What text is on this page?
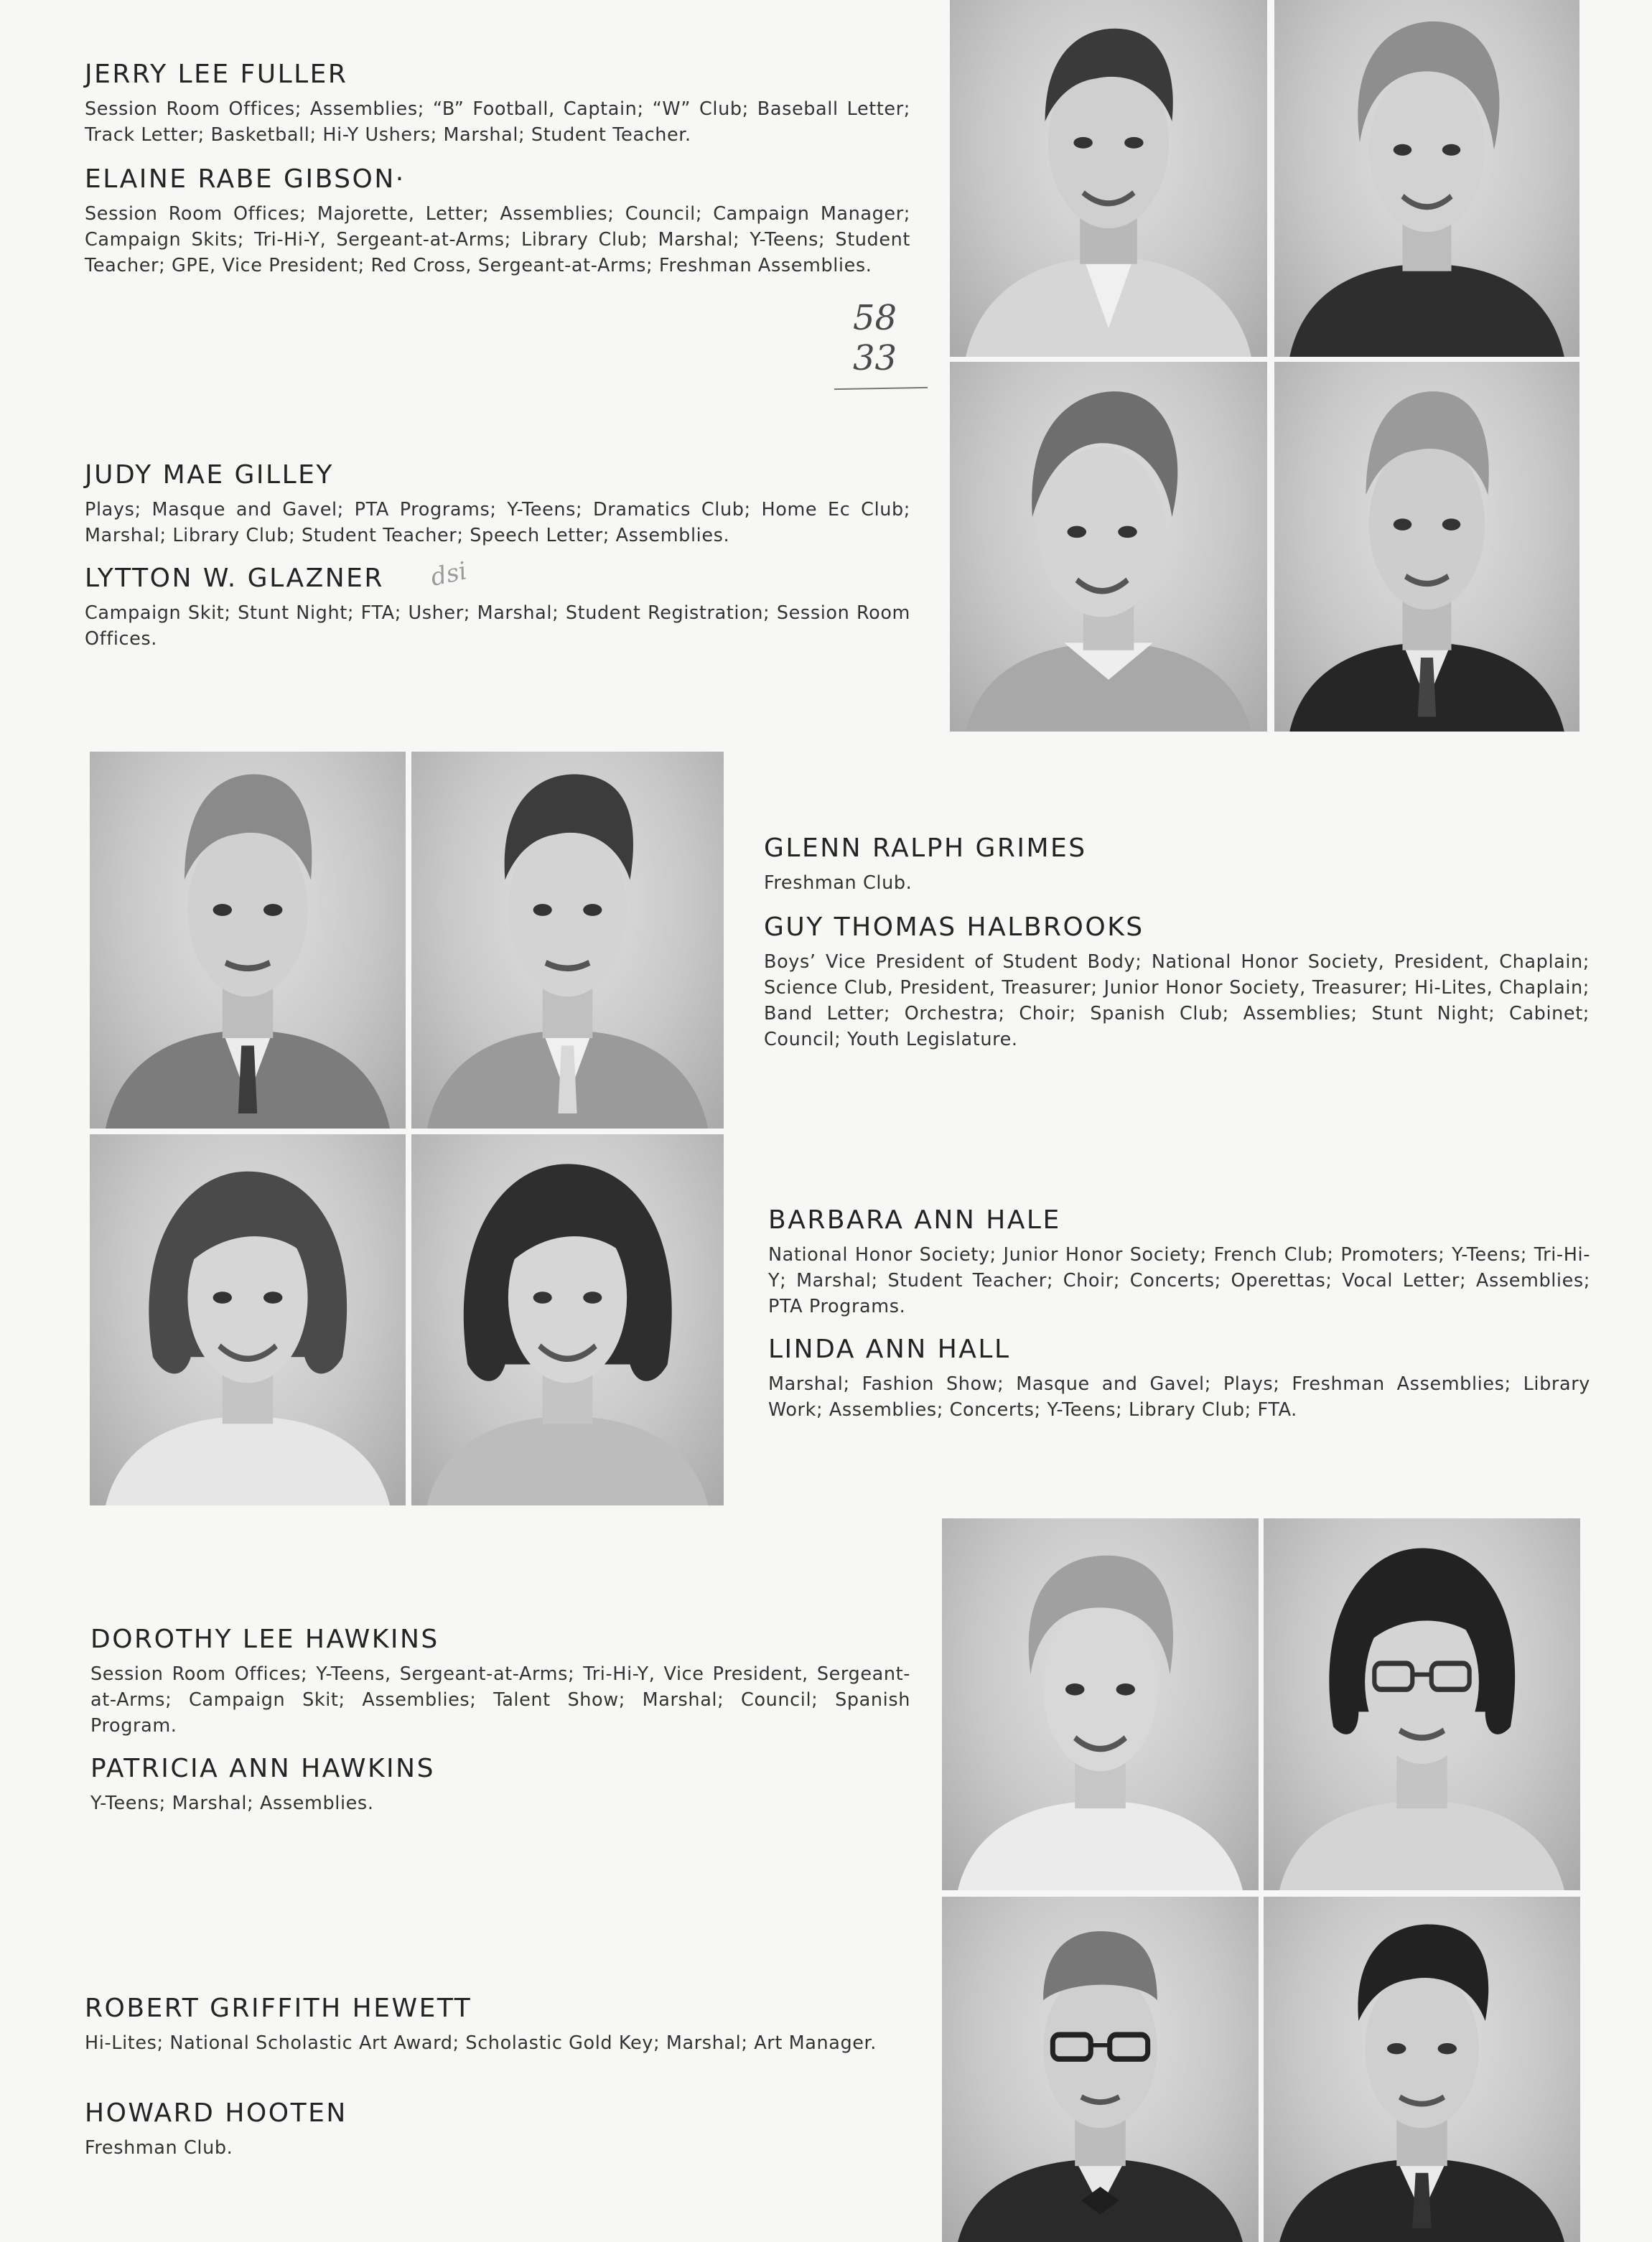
JERRY LEE FULLER
Session Room Offices; Assemblies; “B” Football, Captain; “W” Club; Baseball Letter; Track Letter; Basketball; Hi-Y Ushers; Marshal; Student Teacher.
ELAINE RABE GIBSON·
Session Room Offices; Majorette, Letter; Assemblies; Council; Campaign Manager; Campaign Skits; Tri-Hi-Y, Sergeant-at-Arms; Library Club; Marshal; Y-Teens; Student Teacher; GPE, Vice President; Red Cross, Sergeant-at-Arms; Freshman Assemblies.
58
33
JUDY MAE GILLEY
Plays; Masque and Gavel; PTA Programs; Y-Teens; Dramatics Club; Home Ec Club; Marshal; Library Club; Student Teacher; Speech Letter; Assemblies.
LYTTON W. GLAZNER
Campaign Skit; Stunt Night; FTA; Usher; Marshal; Student Registration; Session Room Offices.
dsi
GLENN RALPH GRIMES
Freshman Club.
GUY THOMAS HALBROOKS
Boys’ Vice President of Student Body; National Honor Society, President, Chaplain; Science Club, President, Treasurer; Junior Honor Society, Treasurer; Hi-Lites, Chaplain; Band Letter; Orchestra; Choir; Spanish Club; Assemblies; Stunt Night; Cabinet; Council; Youth Legislature.
BARBARA ANN HALE
National Honor Society; Junior Honor Society; French Club; Promoters; Y-Teens; Tri-Hi-Y; Marshal; Student Teacher; Choir; Concerts; Operettas; Vocal Letter; Assemblies; PTA Programs.
LINDA ANN HALL
Marshal; Fashion Show; Masque and Gavel; Plays; Freshman Assemblies; Library Work; Assemblies; Concerts; Y-Teens; Library Club; FTA.
DOROTHY LEE HAWKINS
Session Room Offices; Y-Teens, Sergeant-at-Arms; Tri-Hi-Y, Vice President, Sergeant-at-Arms; Campaign Skit; Assemblies; Talent Show; Marshal; Council; Spanish Program.
PATRICIA ANN HAWKINS
Y-Teens; Marshal; Assemblies.
ROBERT GRIFFITH HEWETT
Hi-Lites; National Scholastic Art Award; Scholastic Gold Key; Marshal; Art Manager.
HOWARD HOOTEN
Freshman Club.
